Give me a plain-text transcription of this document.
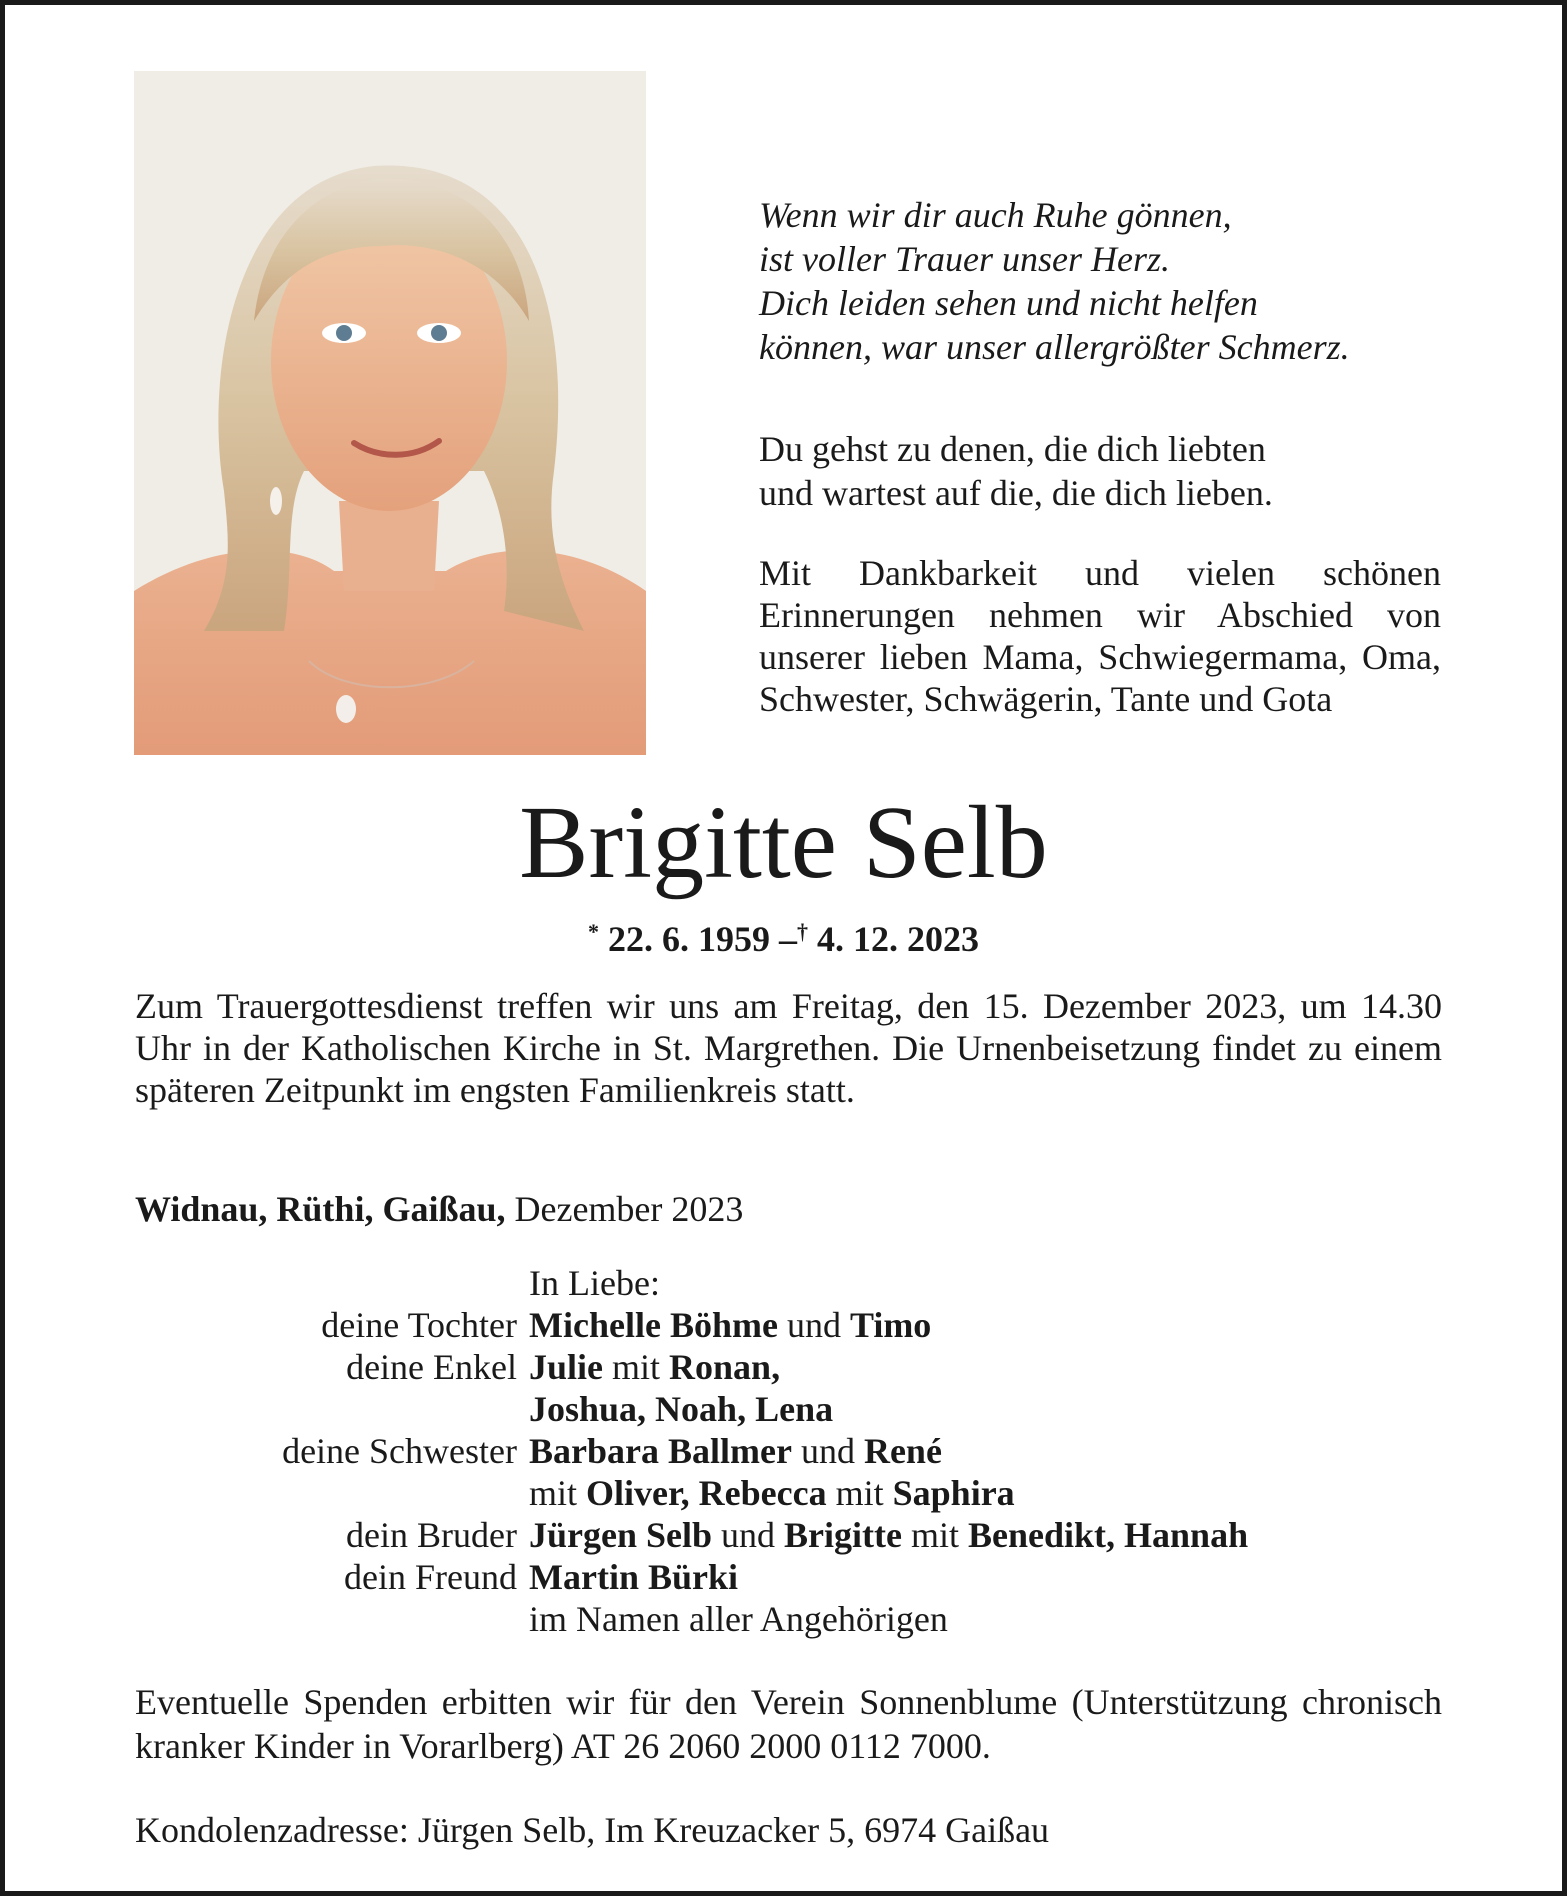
Wenn wir dir auch Ruhe gönnen,
ist voller Trauer unser Herz.
Dich leiden sehen und nicht helfen
können, war unser allergrößter Schmerz.
Du gehst zu denen, die dich liebten
und wartest auf die, die dich lieben.
Mit Dankbarkeit und vielen schönen Erinnerungen nehmen wir Abschied von unserer lieben Mama, Schwiegermama, Oma, Schwester, Schwägerin, Tante und Gota
Brigitte Selb
* 22. 6. 1959 –† 4. 12. 2023
Zum Trauergottesdienst treffen wir uns am Freitag, den 15. Dezember 2023, um 14.30 Uhr in der Katholischen Kirche in St. Margrethen. Die Urnenbeisetzung findet zu einem späteren Zeitpunkt im engsten Familienkreis statt.
Widnau, Rüthi, Gaißau, Dezember 2023
In Liebe:
deine Tochter Michelle Böhme und Timo
deine Enkel Julie mit Ronan,
Joshua, Noah, Lena
deine Schwester Barbara Ballmer und René
mit Oliver, Rebecca mit Saphira
dein Bruder Jürgen Selb und Brigitte mit Benedikt, Hannah
dein Freund Martin Bürki
im Namen aller Angehörigen
Eventuelle Spenden erbitten wir für den Verein Sonnenblume (Unterstützung chronisch kranker Kinder in Vorarlberg) AT 26 2060 2000 0112 7000.
Kondolenzadresse: Jürgen Selb, Im Kreuzacker 5, 6974 Gaißau
